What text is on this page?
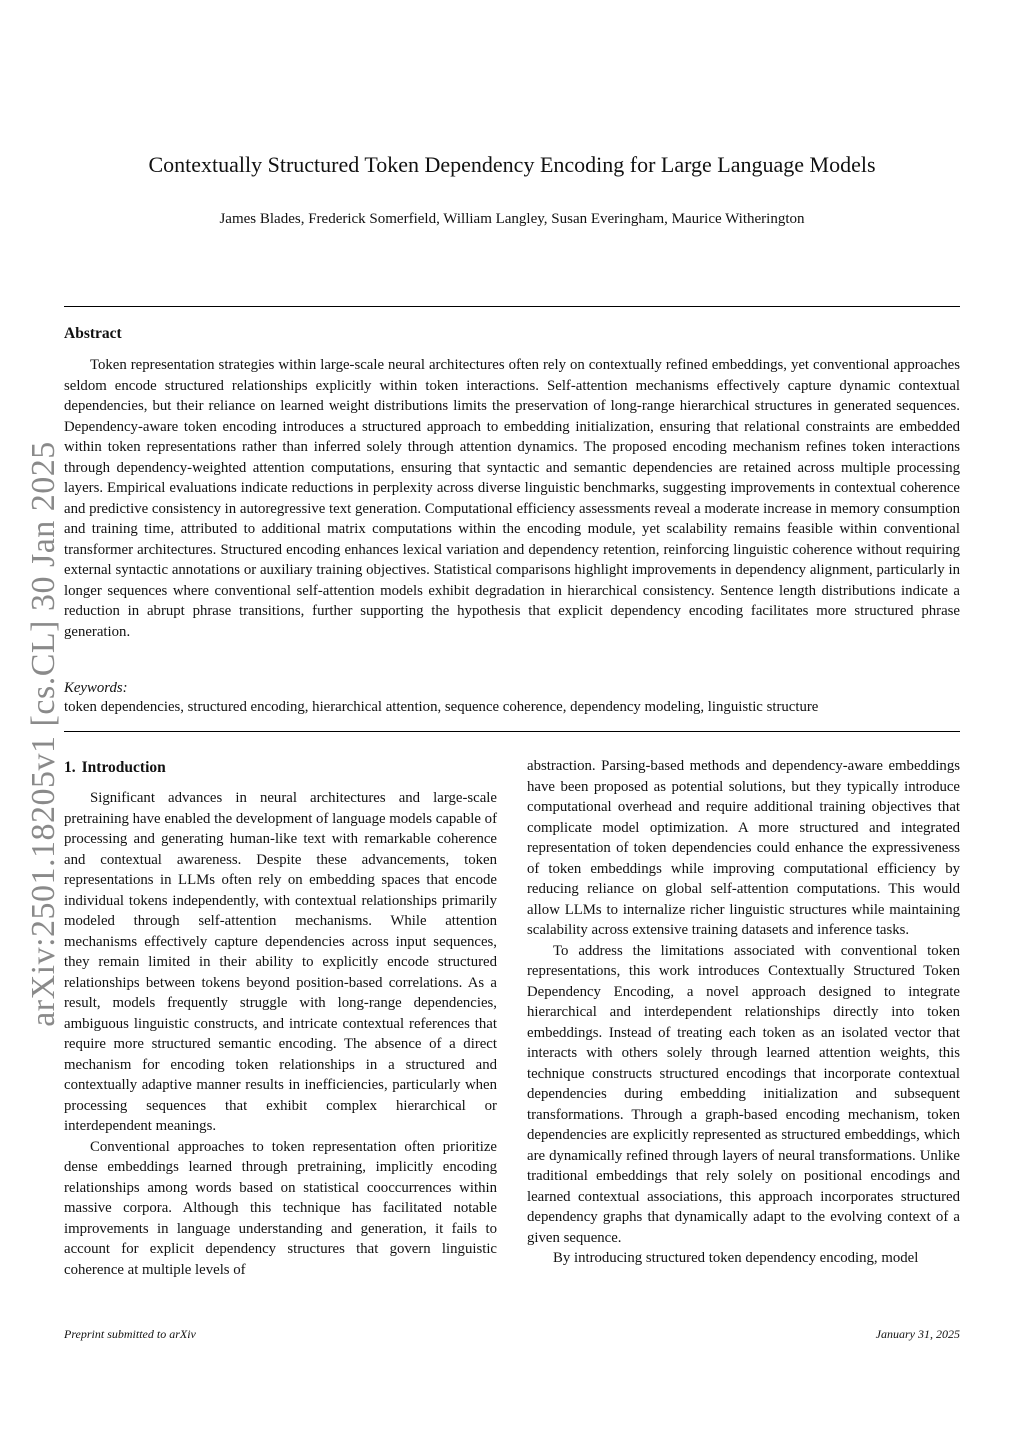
arXiv:2501.18205v1 [cs.CL] 30 Jan 2025
Contextually Structured Token Dependency Encoding for Large Language Models
James Blades, Frederick Somerfield, William Langley, Susan Everingham, Maurice Witherington
Abstract

Token representation strategies within large-scale neural architectures often rely on contextually refined embeddings, yet conventional approaches seldom encode structured relationships explicitly within token interactions. Self-attention mechanisms effectively capture dynamic contextual dependencies, but their reliance on learned weight distributions limits the preservation of long-range hierarchical structures in generated sequences. Dependency-aware token encoding introduces a structured approach to embedding initialization, ensuring that relational constraints are embedded within token representations rather than inferred solely through attention dynamics. The proposed encoding mechanism refines token interactions through dependency-weighted attention computations, ensuring that syntactic and semantic dependencies are retained across multiple processing layers. Empirical evaluations indicate reductions in perplexity across diverse linguistic benchmarks, suggesting improvements in contextual coherence and predictive consistency in autoregressive text generation. Computational efficiency assessments reveal a moderate increase in memory consumption and training time, attributed to additional matrix computations within the encoding module, yet scalability remains feasible within conventional transformer architectures. Structured encoding enhances lexical variation and dependency retention, reinforcing linguistic coherence without requiring external syntactic annotations or auxiliary training objectives. Statistical comparisons highlight improvements in dependency alignment, particularly in longer sequences where conventional self-attention models exhibit degradation in hierarchical consistency. Sentence length distributions indicate a reduction in abrupt phrase transitions, further supporting the hypothesis that explicit dependency encoding facilitates more structured phrase generation.

Keywords:
token dependencies, structured encoding, hierarchical attention, sequence coherence, dependency modeling, linguistic structure
1. Introduction

Significant advances in neural architectures and large-scale pretraining have enabled the development of language models capable of processing and generating human-like text with remarkable coherence and contextual awareness. Despite these advancements, token representations in LLMs often rely on embedding spaces that encode individual tokens independently, with contextual relationships primarily modeled through self-attention mechanisms. While attention mechanisms effectively capture dependencies across input sequences, they remain limited in their ability to explicitly encode structured relationships between tokens beyond position-based correlations. As a result, models frequently struggle with long-range dependencies, ambiguous linguistic constructs, and intricate contextual references that require more structured semantic encoding. The absence of a direct mechanism for encoding token relationships in a structured and contextually adaptive manner results in inefficiencies, particularly when processing sequences that exhibit complex hierarchical or interdependent meanings.

Conventional approaches to token representation often prioritize dense embeddings learned through pretraining, implicitly encoding relationships among words based on statistical cooccurrences within massive corpora. Although this technique has facilitated notable improvements in language understanding and generation, it fails to account for explicit dependency structures that govern linguistic coherence at multiple levels of

abstraction. Parsing-based methods and dependency-aware embeddings have been proposed as potential solutions, but they typically introduce computational overhead and require additional training objectives that complicate model optimization. A more structured and integrated representation of token dependencies could enhance the expressiveness of token embeddings while improving computational efficiency by reducing reliance on global self-attention computations. This would allow LLMs to internalize richer linguistic structures while maintaining scalability across extensive training datasets and inference tasks.

To address the limitations associated with conventional token representations, this work introduces Contextually Structured Token Dependency Encoding, a novel approach designed to integrate hierarchical and interdependent relationships directly into token embeddings. Instead of treating each token as an isolated vector that interacts with others solely through learned attention weights, this technique constructs structured encodings that incorporate contextual dependencies during embedding initialization and subsequent transformations. Through a graph-based encoding mechanism, token dependencies are explicitly represented as structured embeddings, which are dynamically refined through layers of neural transformations. Unlike traditional embeddings that rely solely on positional encodings and learned contextual associations, this approach incorporates structured dependency graphs that dynamically adapt to the evolving context of a given sequence.

By introducing structured token dependency encoding, model

Preprint submitted to arXiv	January 31, 2025
